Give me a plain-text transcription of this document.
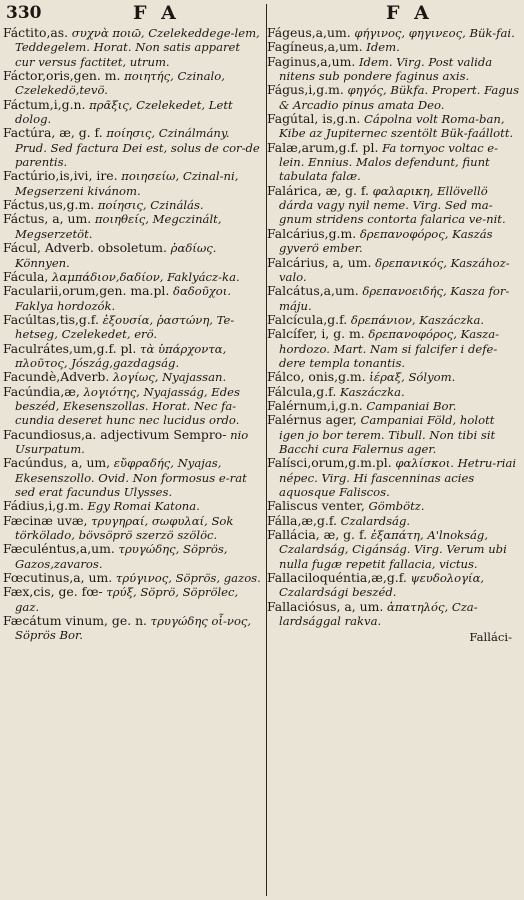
330	F A	F A

Fáctito,as. συχνὰ ποιῶ, Czelekeddege-lem, Teddegelem. Horat. Non satis apparet cur versus factitet, utrum.

Fáctor,oris,gen. m. ποιητής, Czinalo, Czelekedö,tevö.

Fáctum,i,g.n. πρᾶξις, Czelekedet, Lett dolog.

Factúra, æ, g. f. ποίησις, Czinálmány. Prud. Sed factura Dei est, solus de cor-de parentis.

Factúrio,is,ivi, ire. ποιησείω, Czinal-ni, Megserzeni kivánom.

Fáctus,us,g.m. ποίησις, Czinálás.

Fáctus, a, um. ποιηθείς, Megczinált, Megserzetöt.

Fácul, Adverb. obsoletum. ῥαδίως. Könnyen.

Fácula, λαμπάδιον,δαδίον, Faklyácz-ka.

Facularii,orum,gen. ma.pl. δαδοῦχοι. Faklya hordozók.

Facúltas,tis,g.f. ἐξουσία, ῥαστώνη, Te-hetseg, Czelekedet, erö.

Faculrátes,um,g.f. pl. τὰ ὑπάρχοντα, πλοῦτος, Jószág,gazdagság.

Facundè,Adverb. λογίως, Nyajassan.

Facúndia,æ, λογιότης, Nyajasság, Edes beszéd, Ekesenszollas. Horat. Nec fa-cundia deseret hunc nec lucidus ordo.

Facundiosus,a. adjectivum Sempro- nio Usurpatum.

Facúndus, a, um, εὔφραδής, Nyajas, Ekesenszollo. Ovid. Non formosus e-rat sed erat facundus Ulysses.

Fádius,i,g.m. Egy Romai Katona.

Fæcinæ uvæ, τρυγηραί, σωφυλαί, Sok törkölado, bövsöprö szerzö szölöc.

Fæculéntus,a,um. τρυγώδης, Söprös, Gazos,zavaros.

Fœcutinus,a, um. τρύγινος, Söprös, gazos.

Fæx,cis, ge. fœ- τρύξ, Söprö, Söprölec, gaz.

Fæcátum vinum, ge. n. τρυγώδης οἶ-νος, Söprös Bor.

Fágeus,a,um. φήγινος, φηγινεος, Bük-fai.

Fagíneus,a,um. Idem.

Faginus,a,um. Idem. Virg. Post valida nitens sub pondere faginus axis.

Fágus,i,g.m. φηγός, Bükfa. Propert. Fagus & Arcadio pinus amata Deo.

Fagútal, is,g.n. Cápolna volt Roma-ban, Kibe az Jupiternec szentölt Bük-faállott.

Falæ,arum,g.f. pl. Fa tornyoc voltac e-lein. Ennius. Malos defendunt, fiunt tabulata falæ.

Falárica, æ, g. f. φαλαρικη, Ellövellö dárda vagy nyil neme. Virg. Sed ma-gnum stridens contorta falarica ve-nit.

Falcárius,g.m. δρεπανοφόρος, Kaszás gyverö ember.

Falcárius, a, um. δρεπανικός, Kaszához-valo.

Falcátus,a,um. δρεπανοειδής, Kasza for-máju.

Falcícula,g.f. δρεπάνιον, Kaszáczka.

Falcífer, i, g. m. δρεπανοφόρος, Kasza-hordozo. Mart. Nam si falcifer i defe-dere templa tonantis.

Fálco, onis,g.m. ἱέραξ, Sólyom.

Fálcula,g.f. Kaszáczka.

Falérnum,i,g.n. Campaniai Bor.

Falérnus ager, Campaniai Föld, holott igen jo bor terem. Tibull. Non tibi sit Bacchi cura Falernus ager.

Falísci,orum,g.m.pl. φαλίσκοι. Hetru-riai népec. Virg. Hi fascenninas acies aquosque Faliscos.

Faliscus venter, Gömbötz.

Fálla,æ,g.f. Czalardság.

Fallácia, æ, g. f. ἐξαπάτη, A'lnokság, Czalardság, Cigánság. Virg. Verum ubi nulla fugæ repetit fallacia, victus.

Fallaciloquéntia,æ,g.f. ψευδολογία, Czalardsági beszéd.

Fallaciósus, a, um. ἀπατηλός, Cza-lardsággal rakva.

Falláci-
